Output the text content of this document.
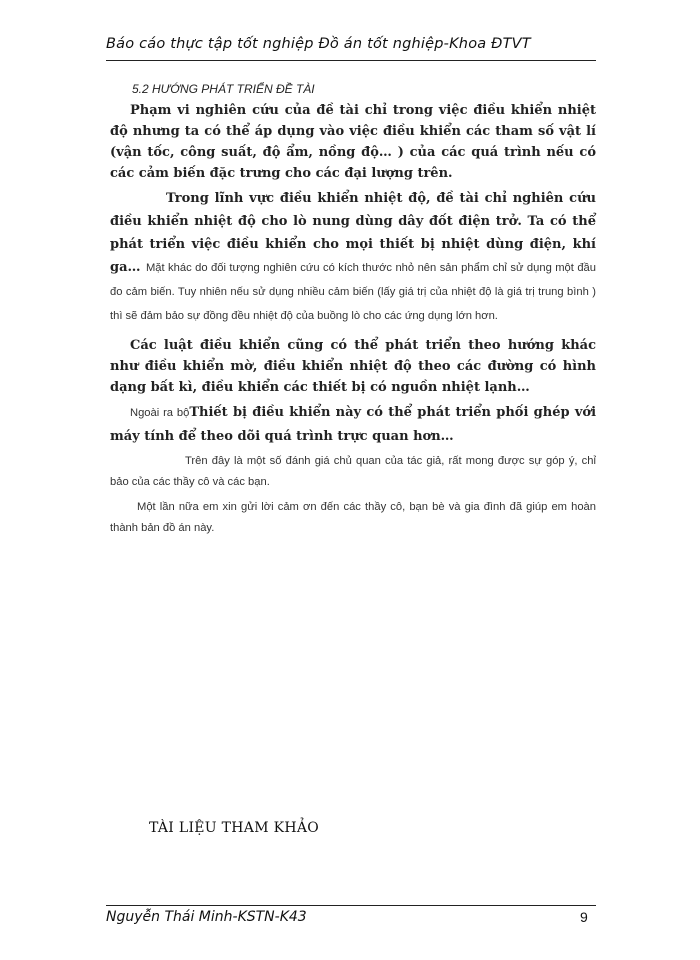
Báo cáo thực tập tốt nghiệp Đồ án tốt nghiệp-Khoa ĐTVT
5.2 HƯỚNG PHÁT TRIỂN ĐỀ TÀI

Phạm vi nghiên cứu của đề tài chỉ trong việc điều khiển nhiệt độ nhưng ta có thể áp dụng vào việc điều khiển các tham số vật lí (vận tốc, công suất, độ ẩm, nồng độ… ) của các quá trình nếu có các cảm biến đặc trưng cho các đại lượng trên.

Trong lĩnh vực điều khiển nhiệt độ, đề tài chỉ nghiên cứu điều khiển nhiệt độ cho lò nung dùng dây đốt điện trở. Ta có thể phát triển việc điều khiển cho mọi thiết bị nhiệt dùng điện, khí ga… Mặt khác do đối tượng nghiên cứu có kích thước nhỏ nên sản phẩm chỉ sử dụng một đầu đo cảm biến. Tuy nhiên nếu sử dụng nhiều cảm biến (lấy giá trị của nhiệt độ là giá trị trung bình ) thì sẽ đảm bảo sự đồng đều nhiệt độ của buồng lò cho các ứng dụng lớn hơn.

Các luật điều khiển cũng có thể phát triển theo hướng khác như điều khiển mờ, điều khiển nhiệt độ theo các đường có hình dạng bất kì, điều khiển các thiết bị có nguồn nhiệt lạnh…

Ngoài ra bộThiết bị điều khiển này có thể phát triển phối ghép với máy tính để theo dõi quá trình trực quan hơn…

Trên đây là một số đánh giá chủ quan của tác giả, rất mong được sự góp ý, chỉ bảo của các thầy cô và các bạn.

Một lần nữa em xin gửi lời cảm ơn đến các thầy cô, bạn bè và gia đình đã giúp em hoàn thành bản đồ án này.

TÀI LIỆU THAM KHẢO
Nguyễn Thái Minh-KSTN-K43	9
